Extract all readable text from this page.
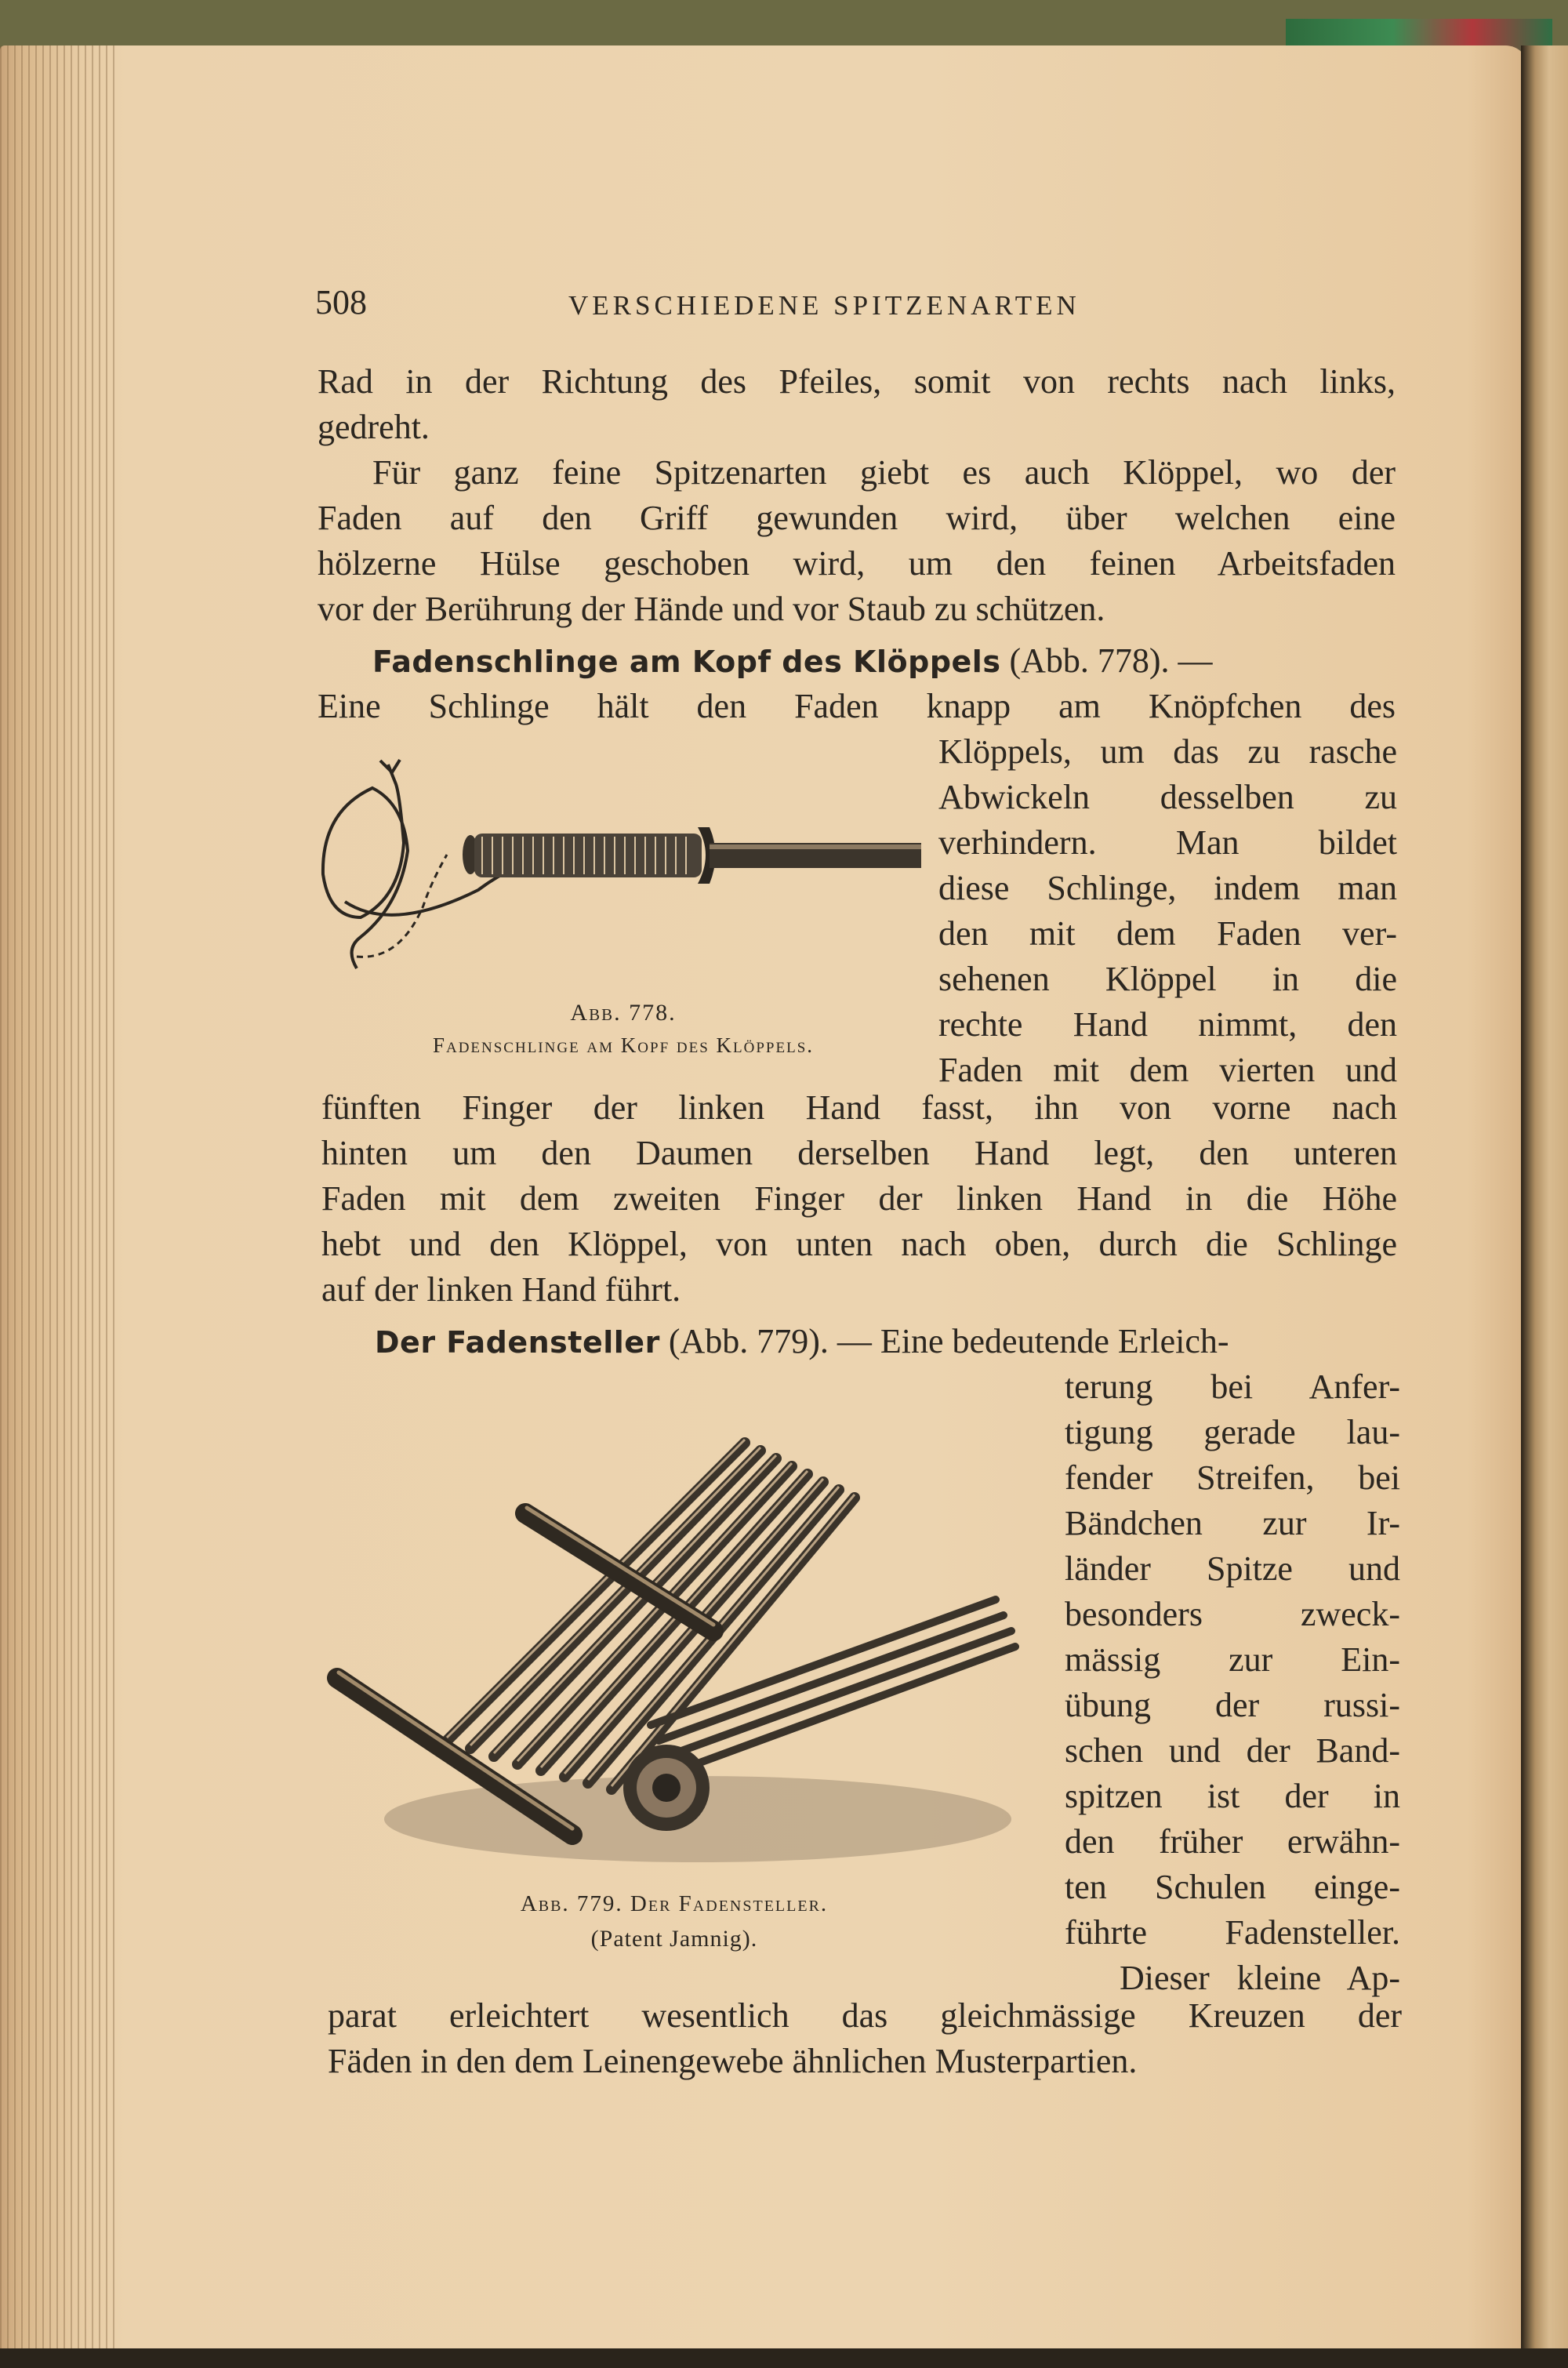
508	VERSCHIEDENE SPITZENARTEN
Rad in der Richtung des Pfeiles, somit von rechts nach links,
gedreht.
Für ganz feine Spitzenarten giebt es auch Klöppel, wo der
Faden auf den Griff gewunden wird, über welchen eine
hölzerne Hülse geschoben wird, um den feinen Arbeitsfaden
vor der Berührung der Hände und vor Staub zu schützen.
Fadenschlinge am Kopf des Klöppels (Abb. 778). —
Eine Schlinge hält den Faden knapp am Knöpfchen des
Klöppels, um das zu rasche
Abwickeln desselben zu
verhindern. Man bildet
diese Schlinge, indem man
den mit dem Faden ver-
sehenen Klöppel in die
rechte Hand nimmt, den
Faden mit dem vierten und
Abb. 778.
Fadenschlinge am Kopf des Klöppels.
fünften Finger der linken Hand fasst, ihn von vorne nach
hinten um den Daumen derselben Hand legt, den unteren
Faden mit dem zweiten Finger der linken Hand in die Höhe
hebt und den Klöppel, von unten nach oben, durch die Schlinge
auf der linken Hand führt.
Der Fadensteller (Abb. 779). — Eine bedeutende Erleich-
terung bei Anfer-
tigung gerade lau-
fender Streifen, bei
Bändchen zur Ir-
länder Spitze und
besonders zweck-
mässig zur Ein-
übung der russi-
schen und der Band-
spitzen ist der in
den früher erwähn-
ten Schulen einge-
führte Fadensteller.
Dieser kleine Ap-
Abb. 779. Der Fadensteller.
(Patent Jamnig).
parat erleichtert wesentlich das gleichmässige Kreuzen der
Fäden in den dem Leinengewebe ähnlichen Musterpartien.
